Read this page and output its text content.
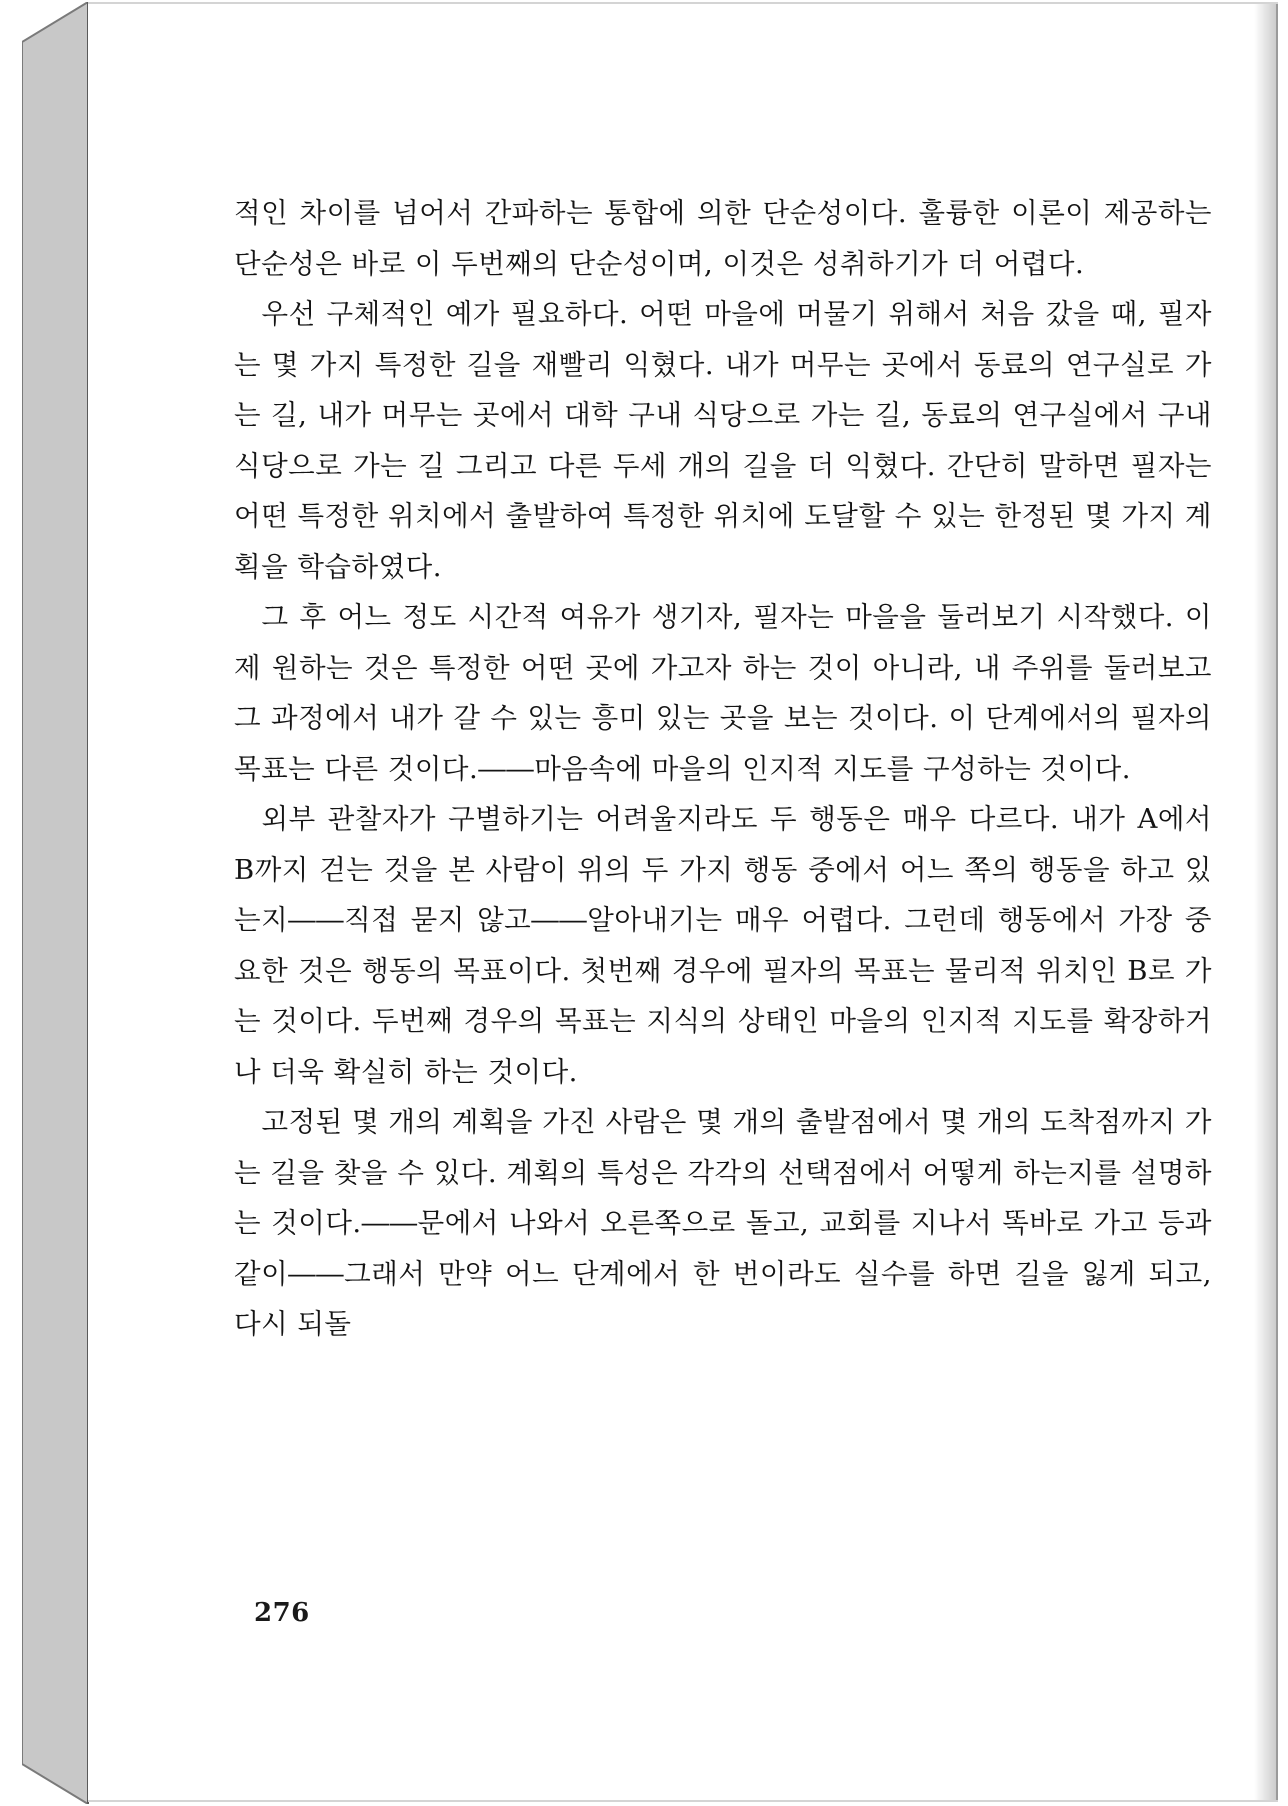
적인 차이를 넘어서 간파하는 통합에 의한 단순성이다. 훌륭한 이론이 제공하는 단순성은 바로 이 두번째의 단순성이며, 이것은 성취하기가 더 어렵다.

우선 구체적인 예가 필요하다. 어떤 마을에 머물기 위해서 처음 갔을 때, 필자는 몇 가지 특정한 길을 재빨리 익혔다. 내가 머무는 곳에서 동료의 연구실로 가는 길, 내가 머무는 곳에서 대학 구내 식당으로 가는 길, 동료의 연구실에서 구내 식당으로 가는 길 그리고 다른 두세 개의 길을 더 익혔다. 간단히 말하면 필자는 어떤 특정한 위치에서 출발하여 특정한 위치에 도달할 수 있는 한정된 몇 가지 계획을 학습하였다.

그 후 어느 정도 시간적 여유가 생기자, 필자는 마을을 둘러보기 시작했다. 이제 원하는 것은 특정한 어떤 곳에 가고자 하는 것이 아니라, 내 주위를 둘러보고 그 과정에서 내가 갈 수 있는 흥미 있는 곳을 보는 것이다. 이 단계에서의 필자의 목표는 다른 것이다.――마음속에 마을의 인지적 지도를 구성하는 것이다.

외부 관찰자가 구별하기는 어려울지라도 두 행동은 매우 다르다. 내가 A에서 B까지 걷는 것을 본 사람이 위의 두 가지 행동 중에서 어느 쪽의 행동을 하고 있는지――직접 묻지 않고――알아내기는 매우 어렵다. 그런데 행동에서 가장 중요한 것은 행동의 목표이다. 첫번째 경우에 필자의 목표는 물리적 위치인 B로 가는 것이다. 두번째 경우의 목표는 지식의 상태인 마을의 인지적 지도를 확장하거나 더욱 확실히 하는 것이다.

고정된 몇 개의 계획을 가진 사람은 몇 개의 출발점에서 몇 개의 도착점까지 가는 길을 찾을 수 있다. 계획의 특성은 각각의 선택점에서 어떻게 하는지를 설명하는 것이다.――문에서 나와서 오른쪽으로 돌고, 교회를 지나서 똑바로 가고 등과 같이――그래서 만약 어느 단계에서 한 번이라도 실수를 하면 길을 잃게 되고, 다시 되돌

276
